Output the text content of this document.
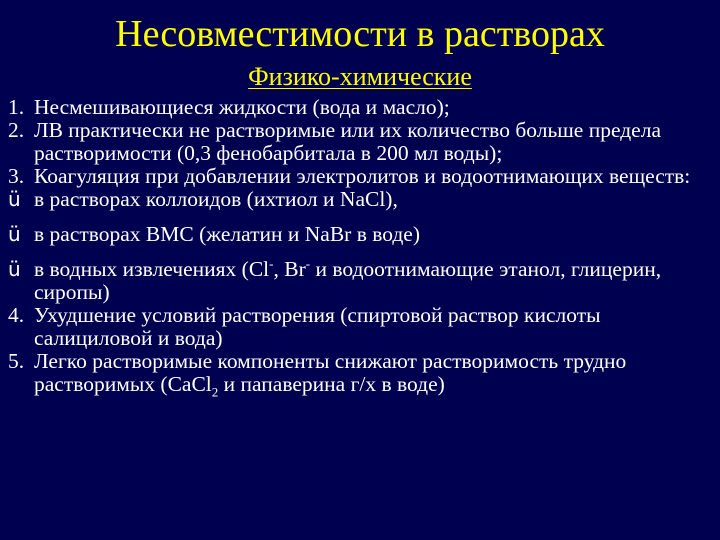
Несовместимости в растворах
Физико-химические
1. Несмешивающиеся жидкости (вода и масло);
2. ЛВ практически не растворимые или их количество больше предела растворимости (0,3 фенобарбитала в 200 мл воды);
3. Коагуляция при добавлении электролитов и водоотнимающих веществ:
ü в растворах коллоидов (ихтиол и NaCl),
ü в растворах ВМС (желатин и NaBr в воде)
ü в водных извлечениях (Cl-, Br- и водоотнимающие этанол, глицерин, сиропы)
4. Ухудшение условий растворения (спиртовой раствор кислоты салициловой и вода)
5. Легко растворимые компоненты снижают растворимость трудно растворимых (CaCl$_2$ и папаверина г/х в воде)
